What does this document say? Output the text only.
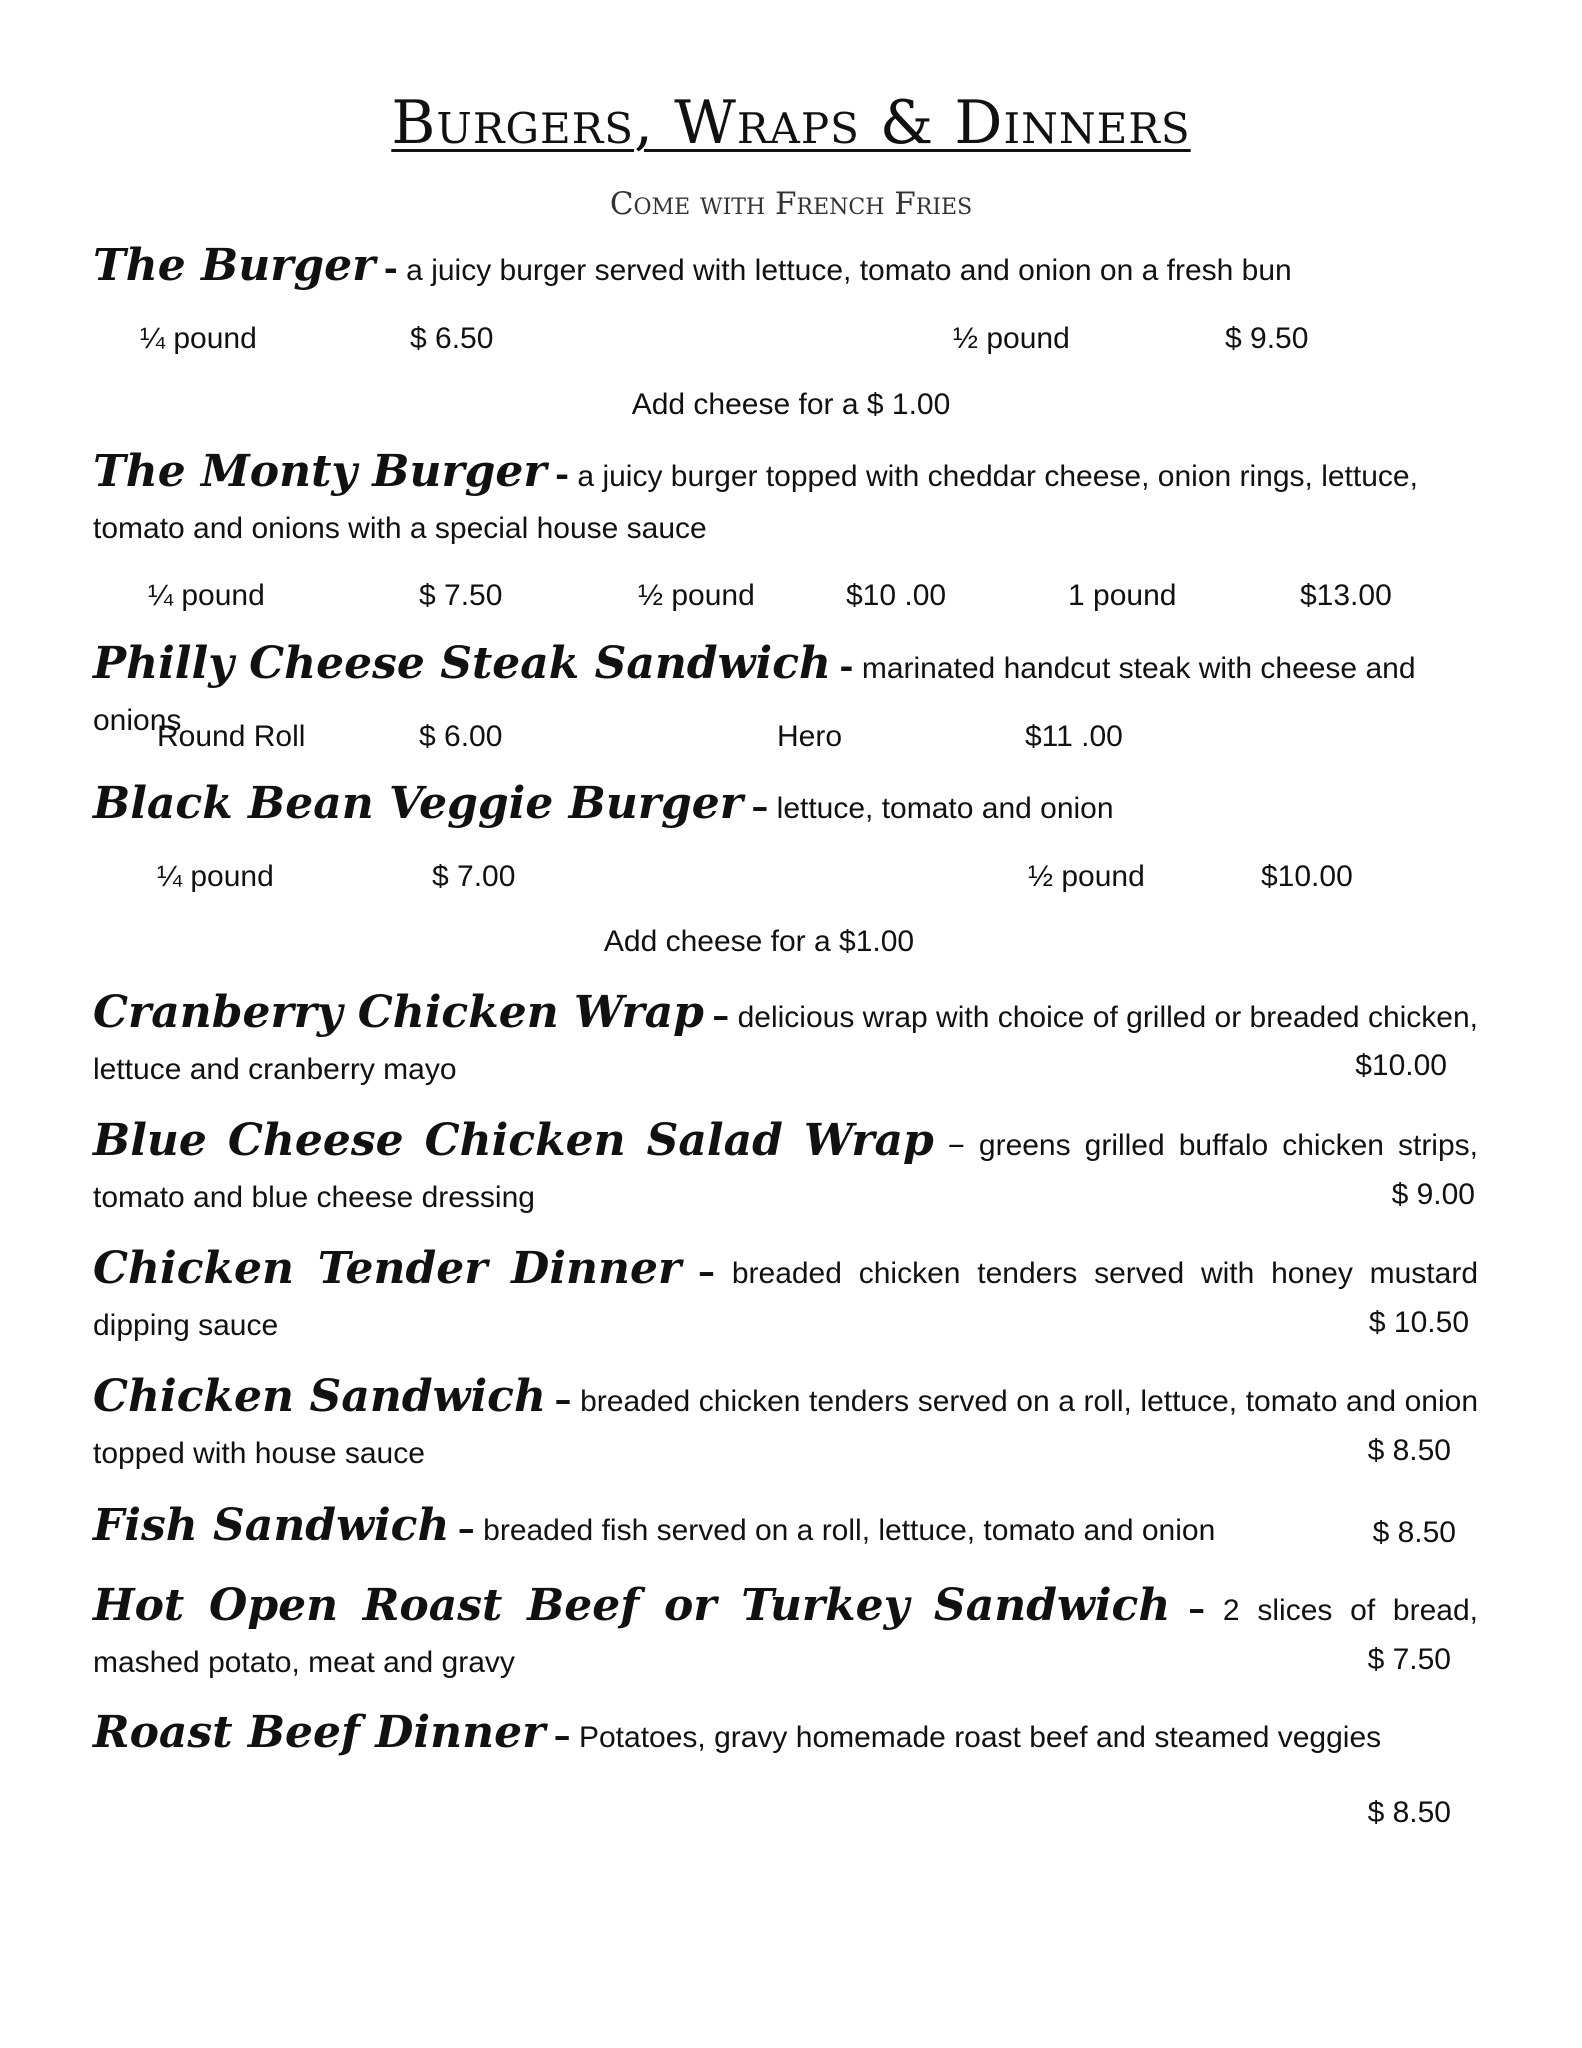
Burgers, Wraps & Dinners
Come with French Fries
The Burger - a juicy burger served with lettuce, tomato and onion on a fresh bun
¼ pound	$ 6.50	½ pound	$ 9.50
Add cheese for a $ 1.00
The Monty Burger - a juicy burger topped with cheddar cheese, onion rings, lettuce, tomato and onions with a special house sauce
¼ pound	$ 7.50	½ pound	$10 .00	1 pound	$13.00
Philly Cheese Steak Sandwich - marinated handcut steak with cheese and onions
Round Roll	$ 6.00	Hero	$11 .00
Black Bean Veggie Burger – lettuce, tomato and onion
¼ pound	$ 7.00	½ pound	$10.00
Add cheese for a $1.00
Cranberry Chicken Wrap – delicious wrap with choice of grilled or breaded chicken, lettuce and cranberry mayo	$10.00
Blue Cheese Chicken Salad Wrap – greens grilled buffalo chicken strips, tomato and blue cheese dressing	$ 9.00
Chicken Tender Dinner – breaded chicken tenders served with honey mustard dipping sauce	$ 10.50
Chicken Sandwich – breaded chicken tenders served on a roll, lettuce, tomato and onion topped with house sauce	$ 8.50
Fish Sandwich – breaded fish served on a roll, lettuce, tomato and onion	$ 8.50
Hot Open Roast Beef or Turkey Sandwich – 2 slices of bread, mashed potato, meat and gravy	$ 7.50
Roast Beef Dinner – Potatoes, gravy homemade roast beef and steamed veggies
$ 8.50
